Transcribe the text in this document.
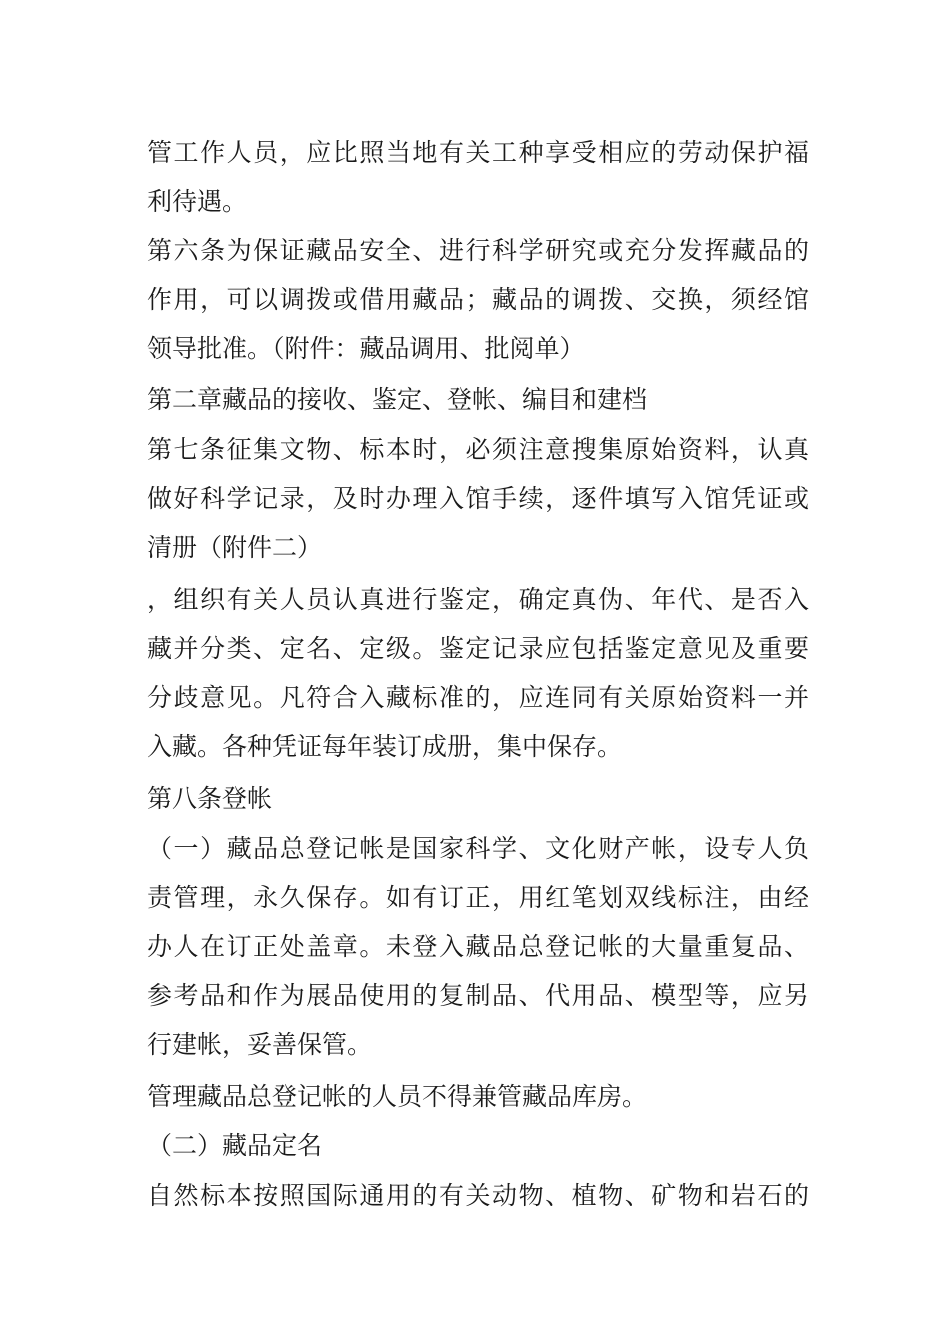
管工作人员，应比照当地有关工种享受相应的劳动保护福
利待遇。
第六条为保证藏品安全、进行科学研究或充分发挥藏品的
作用，可以调拨或借用藏品；藏品的调拨、交换，须经馆
领导批准。（附件：藏品调用、批阅单）
第二章藏品的接收、鉴定、登帐、编目和建档
第七条征集文物、标本时，必须注意搜集原始资料，认真
做好科学记录，及时办理入馆手续，逐件填写入馆凭证或
清册（附件二）
，组织有关人员认真进行鉴定，确定真伪、年代、是否入
藏并分类、定名、定级。鉴定记录应包括鉴定意见及重要
分歧意见。凡符合入藏标准的，应连同有关原始资料一并
入藏。各种凭证每年装订成册，集中保存。
第八条登帐
（一）藏品总登记帐是国家科学、文化财产帐，设专人负
责管理，永久保存。如有订正，用红笔划双线标注，由经
办人在订正处盖章。未登入藏品总登记帐的大量重复品、
参考品和作为展品使用的复制品、代用品、模型等，应另
行建帐，妥善保管。
管理藏品总登记帐的人员不得兼管藏品库房。
（二）藏品定名
自然标本按照国际通用的有关动物、植物、矿物和岩石的
